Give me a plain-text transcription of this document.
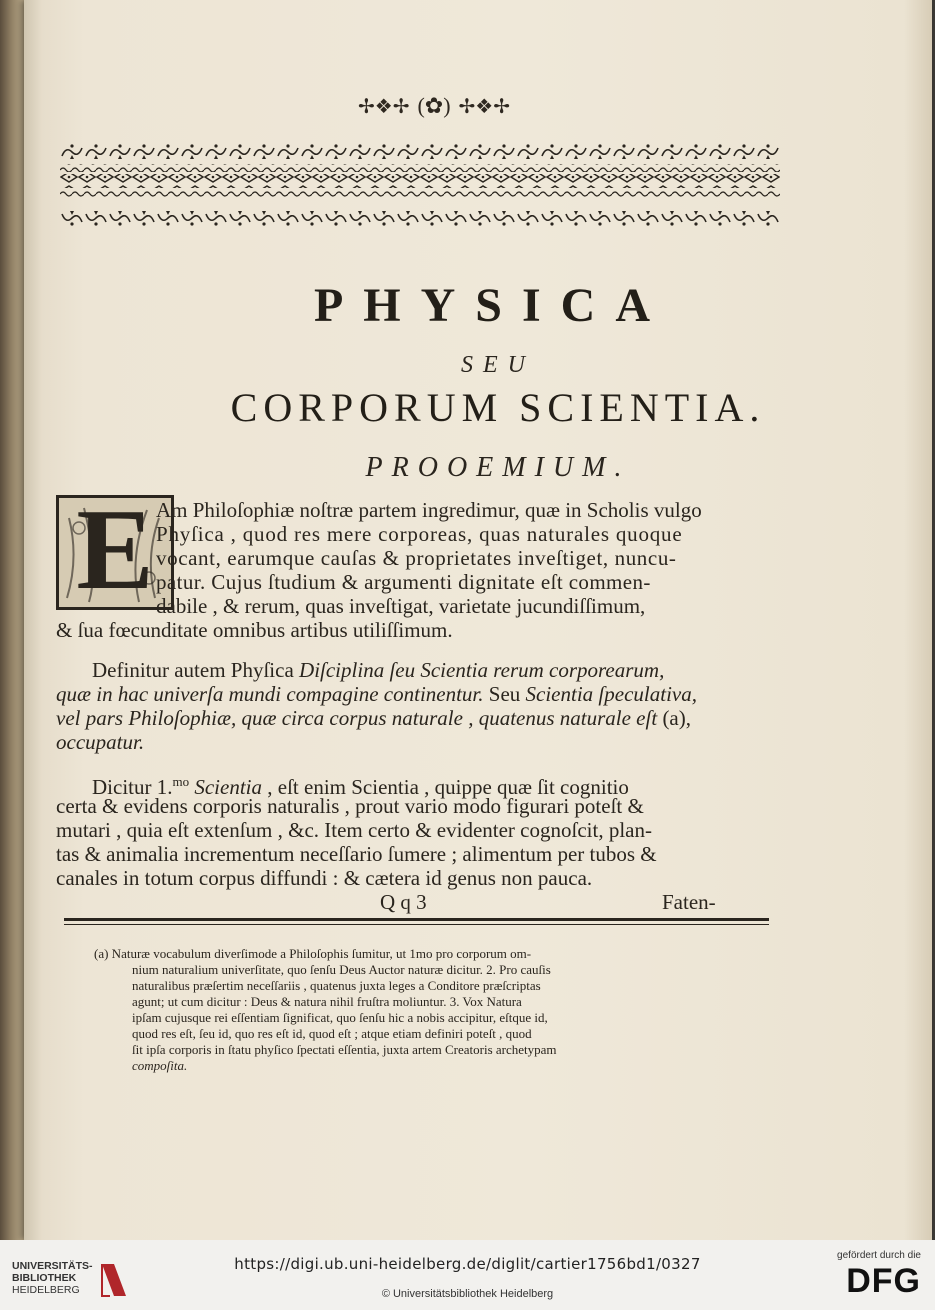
✢❖✢ (✿) ✢❖✢
PHYSICA
SEU
CORPORUM SCIENTIA.
PROOEMIUM.
E Am Philoſophiæ noſtræ partem ingredimur, quæ in Scholis vulgo
Phyſica , quod res mere corporeas, quas naturales quoque
vocant, earumque cauſas & proprietates inveſtiget, nuncu-
patur. Cujus ſtudium & argumenti dignitate eſt commen-
dabile , & rerum, quas inveſtigat, varietate jucundiſſimum,
& ſua fœcunditate omnibus artibus utiliſſimum.
Definitur autem Phyſica Diſciplina ſeu Scientia rerum corporearum,
quæ in hac univerſa mundi compagine continentur. Seu Scientia ſpeculativa,
vel pars Philoſophiæ, quæ circa corpus naturale , quatenus naturale eſt (a),
occupatur.
Dicitur 1.$^{mo}$ Scientia , eſt enim Scientia , quippe quæ ſit cognitio
certa & evidens corporis naturalis , prout vario modo figurari poteſt &
mutari , quia eſt extenſum , &c. Item certo & evidenter cognoſcit, plan-
tas & animalia incrementum neceſſario ſumere ; alimentum per tubos &
canales in totum corpus diffundi : & cætera id genus non pauca.
Q q 3	Faten-
(a) Naturæ vocabulum diverſimode a Philoſophis ſumitur, ut 1mo pro corporum om-
nium naturalium univerſitate, quo ſenſu Deus Auctor naturæ dicitur. 2. Pro cauſis
naturalibus præſertim neceſſariis , quatenus juxta leges a Conditore præſcriptas
agunt; ut cum dicitur : Deus & natura nihil fruſtra moliuntur. 3. Vox Natura
ipſam cujusque rei eſſentiam ſignificat, quo ſenſu hic a nobis accipitur, eſtque id,
quod res eſt, ſeu id, quo res eſt id, quod eſt ; atque etiam definiri poteſt , quod
ſit ipſa corporis in ſtatu phyſico ſpectati eſſentia, juxta artem Creatoris archetypam
compoſita.
UNIVERSITÄTS-
BIBLIOTHEK
HEIDELBERG
https://digi.ub.uni-heidelberg.de/diglit/cartier1756bd1/0327
© Universitätsbibliothek Heidelberg
gefördert durch die
DFG
